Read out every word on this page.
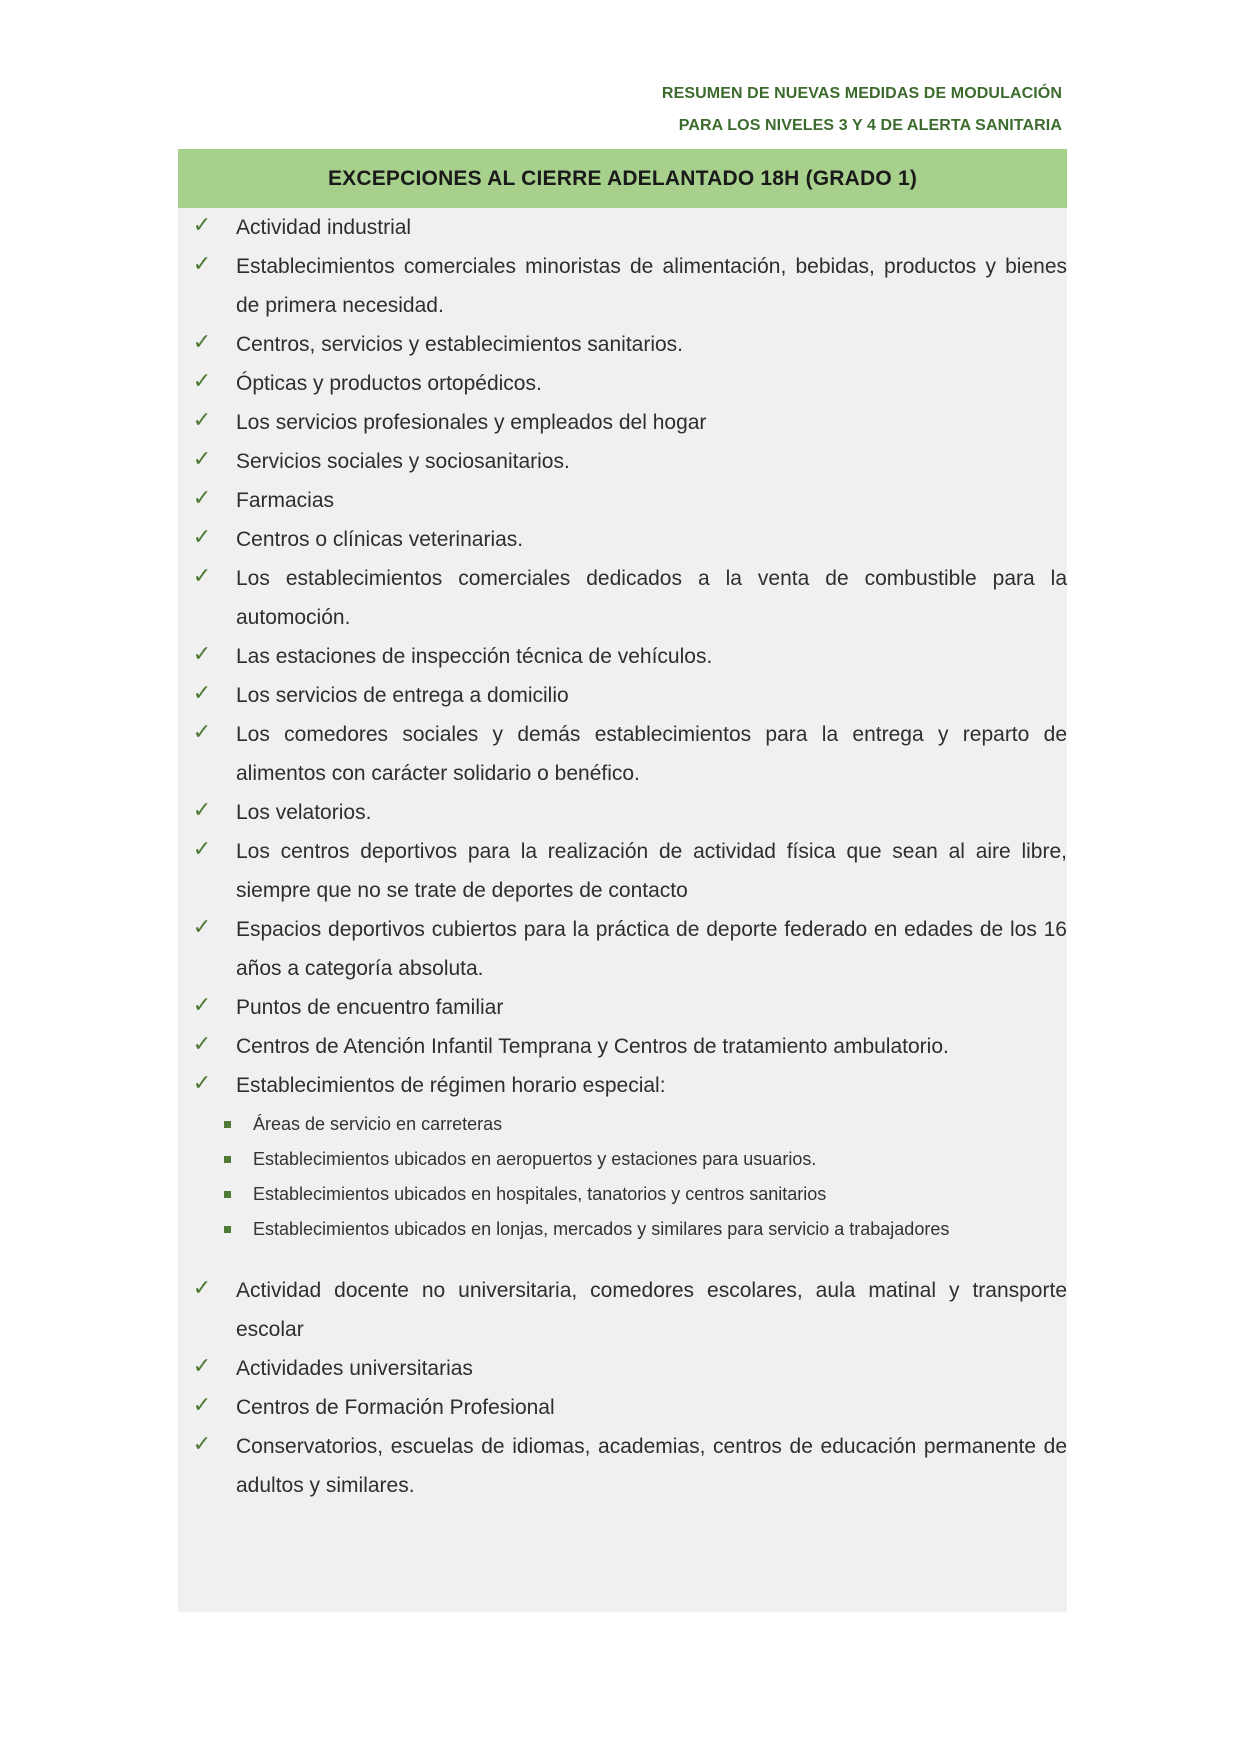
RESUMEN DE NUEVAS MEDIDAS DE MODULACIÓN
PARA LOS NIVELES 3 Y 4 DE ALERTA SANITARIA
EXCEPCIONES AL CIERRE ADELANTADO 18H (GRADO 1)
✓ Actividad industrial
✓ Establecimientos comerciales minoristas de alimentación, bebidas, productos y bienes de primera necesidad.
✓ Centros, servicios y establecimientos sanitarios.
✓ Ópticas y productos ortopédicos.
✓ Los servicios profesionales y empleados del hogar
✓ Servicios sociales y sociosanitarios.
✓ Farmacias
✓ Centros o clínicas veterinarias.
✓ Los establecimientos comerciales dedicados a la venta de combustible para la automoción.
✓ Las estaciones de inspección técnica de vehículos.
✓ Los servicios de entrega a domicilio
✓ Los comedores sociales y demás establecimientos para la entrega y reparto de alimentos con carácter solidario o benéfico.
✓ Los velatorios.
✓ Los centros deportivos para la realización de actividad física que sean al aire libre, siempre que no se trate de deportes de contacto
✓ Espacios deportivos cubiertos para la práctica de deporte federado en edades de los 16 años a categoría absoluta.
✓ Puntos de encuentro familiar
✓ Centros de Atención Infantil Temprana y Centros de tratamiento ambulatorio.
✓ Establecimientos de régimen horario especial:
Áreas de servicio en carreteras
Establecimientos ubicados en aeropuertos y estaciones para usuarios.
Establecimientos ubicados en hospitales, tanatorios y centros sanitarios
Establecimientos ubicados en lonjas, mercados y similares para servicio a trabajadores
✓ Actividad docente no universitaria, comedores escolares, aula matinal y transporte escolar
✓ Actividades universitarias
✓ Centros de Formación Profesional
✓ Conservatorios, escuelas de idiomas, academias, centros de educación permanente de adultos y similares.
